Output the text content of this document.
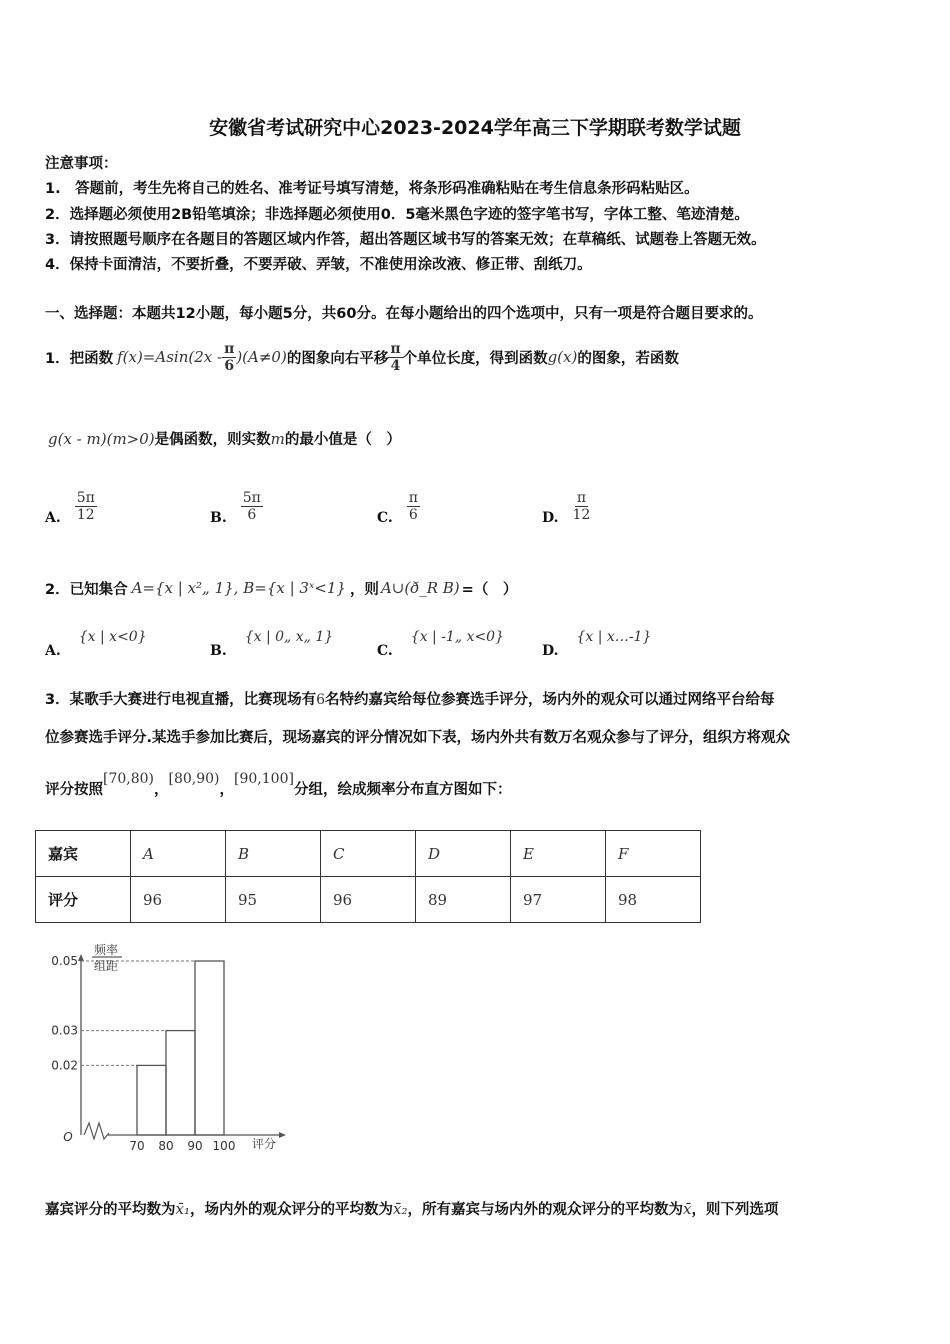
安徽省考试研究中心2023-2024学年高三下学期联考数学试题
注意事项：
1.　答题前，考生先将自己的姓名、准考证号填写清楚，将条形码准确粘贴在考生信息条形码粘贴区。
2．选择题必须使用2B铅笔填涂；非选择题必须使用0．5毫米黑色字迹的签字笔书写，字体工整、笔迹清楚。
3．请按照题号顺序在各题目的答题区域内作答，超出答题区域书写的答案无效；在草稿纸、试题卷上答题无效。
4．保持卡面清洁，不要折叠，不要弄破、弄皱，不准使用涂改液、修正带、刮纸刀。
一、选择题：本题共12小题，每小题5分，共60分。在每小题给出的四个选项中，只有一项是符合题目要求的。
1．把函数 $f(x)=Asin(2x - \frac{\pi}{6} )(A\ne 0)$ 的图象向右平移 $\frac{\pi}{4}$ 个单位长度，得到函数 g(x) 的图象，若函数
g(x - m)(m>0)是偶函数，则实数m的最小值是（　）
2．已知集合 A={x | x²„ 1}, B={x | 3ˣ<1} ，则 A∪(ð_R B) =（　）
3．某歌手大赛进行电视直播，比赛现场有6名特约嘉宾给每位参赛选手评分，场内外的观众可以通过网络平台给每
位参赛选手评分.某选手参加比赛后，现场嘉宾的评分情况如下表，场内外共有数万名观众参与了评分，组织方将观众
评分按照
[70,80)
，
[80,90)
，
[90,100]
分组，绘成频率分布直方图如下：
嘉宾	A	B	C	D	E	F
评分	96	95	96	89	97	98
0.02
0.03
0.05
70 80 90 100
频率
组距
评分
O
嘉宾评分的平均数为x̄₁，场内外的观众评分的平均数为x̄₂，所有嘉宾与场内外的观众评分的平均数为x̄，则下列选项
A. $\frac{5\pi}{12}$	B. $\frac{5\pi}{6}$	C. $\frac{\pi}{6}$	D. $\frac{\pi}{12}$
A.{x | x<0}
B.{x | 0„ x„ 1}
C.{x | -1„ x<0}
D.{x | x…-1}
